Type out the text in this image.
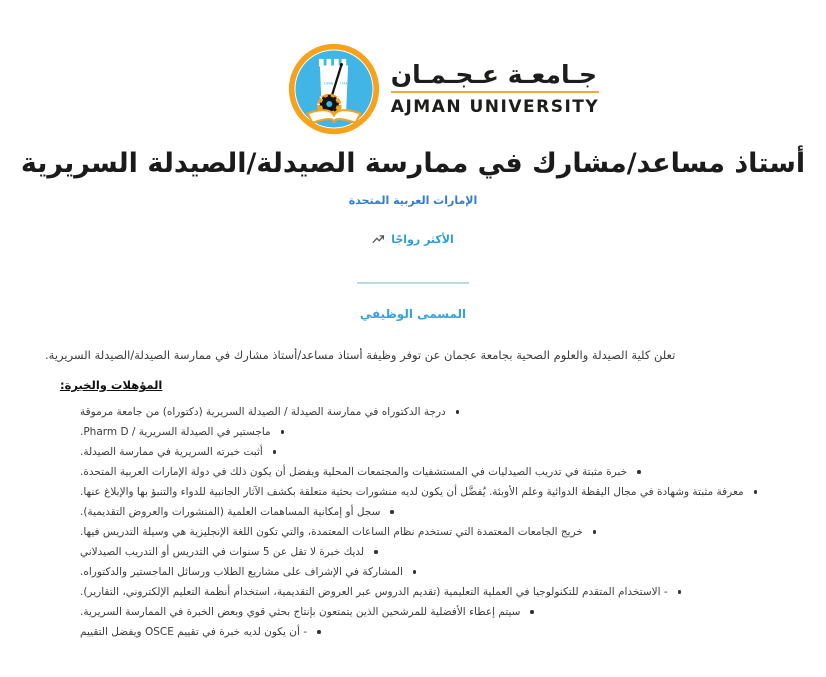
1988 ١٩٨٨ جـامعـة عـجـمـان
AJMAN UNIVERSITY
أستاذ مساعد/مشارك في ممارسة الصيدلة/الصيدلة السريرية
الإمارات العربية المتحدة
الأكثر رواجًا
المسمى الوظيفي
تعلن كلية الصيدلة والعلوم الصحية بجامعة عجمان عن توفر وظيفة أستاذ مساعد/أستاذ مشارك في ممارسة الصيدلة/الصيدلة السريرية.
المؤهلات والخبرة:
درجة الدكتوراه في ممارسة الصيدلة / الصيدلة السريرية (دكتوراه) من جامعة مرموقة
ماجستير في الصيدلة السريرية / Pharm D.
أثبت خبرته السريرية في ممارسة الصيدلة.
خبرة مثبتة في تدريب الصيدليات في المستشفيات والمجتمعات المحلية ويفضل أن يكون ذلك في دولة الإمارات العربية المتحدة.
معرفة مثبتة وشهادة في مجال اليقظة الدوائية وعلم الأوبئة. يُفضَّل أن يكون لديه منشورات بحثية متعلقة بكشف الآثار الجانبية للدواء والتنبؤ بها والإبلاغ عنها.
سجل أو إمكانية المساهمات العلمية (المنشورات والعروض التقديمية).
خريج الجامعات المعتمدة التي تستخدم نظام الساعات المعتمدة، والتي تكون اللغة الإنجليزية هي وسيلة التدريس فيها.
لديك خبرة لا تقل عن 5 سنوات في التدريس أو التدريب الصيدلاني
المشاركة في الإشراف على مشاريع الطلاب ورسائل الماجستير والدكتوراه.
- الاستخدام المتقدم للتكنولوجيا في العملية التعليمية (تقديم الدروس عبر العروض التقديمية، استخدام أنظمة التعليم الإلكتروني، التقارير).
سيتم إعطاء الأفضلية للمرشحين الذين يتمتعون بإنتاج بحثي قوي وبعض الخبرة في الممارسة السريرية.
- أن يكون لديه خبرة في تقييم OSCE ويفضل التقييم
